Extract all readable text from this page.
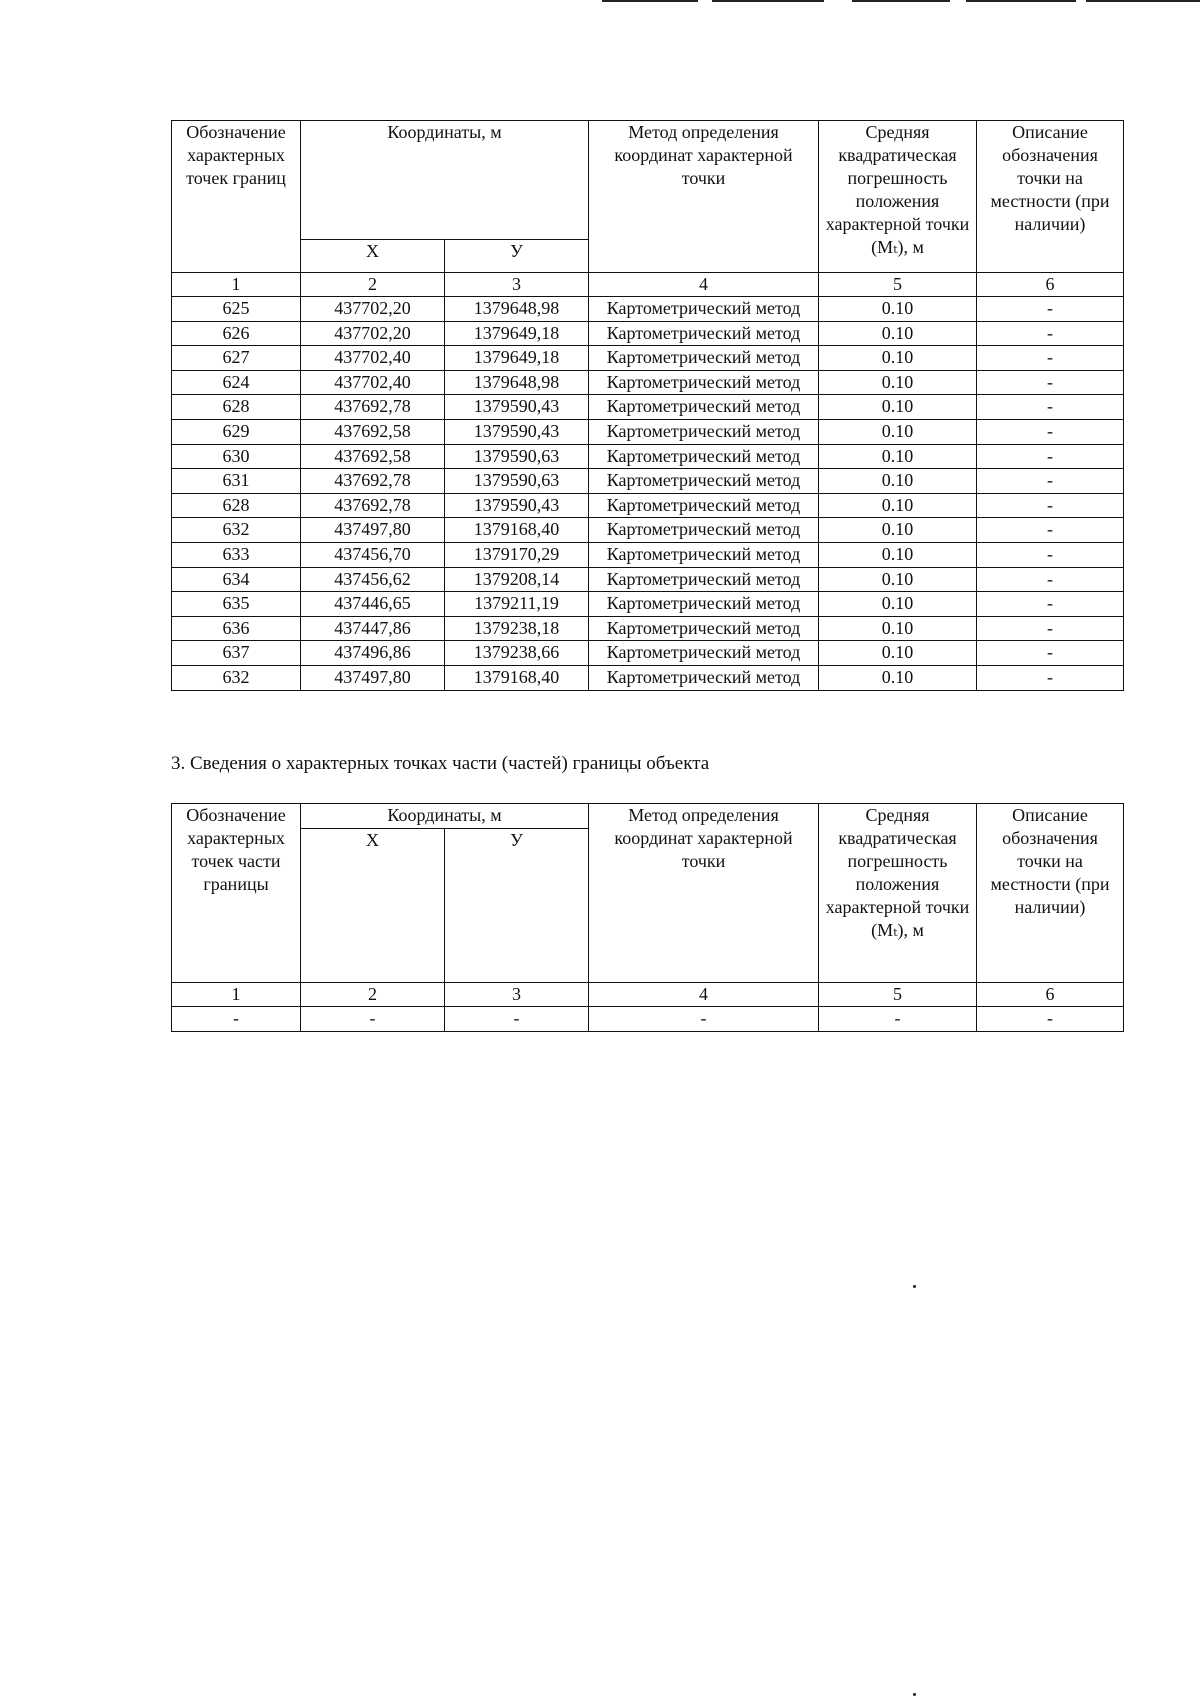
Обозначение характерных точек границ	Координаты, м		Метод определения координат характерной точки	Средняя квадратическая погрешность положения характерной точки (Mₜ), м	Описание обозначения точки на местности (при наличии)
	Х	У			
1	2	3	4	5	6
625	437702,20	1379648,98	Картометрический метод	0.10	-
626	437702,20	1379649,18	Картометрический метод	0.10	-
627	437702,40	1379649,18	Картометрический метод	0.10	-
624	437702,40	1379648,98	Картометрический метод	0.10	-
628	437692,78	1379590,43	Картометрический метод	0.10	-
629	437692,58	1379590,43	Картометрический метод	0.10	-
630	437692,58	1379590,63	Картометрический метод	0.10	-
631	437692,78	1379590,63	Картометрический метод	0.10	-
628	437692,78	1379590,43	Картометрический метод	0.10	-
632	437497,80	1379168,40	Картометрический метод	0.10	-
633	437456,70	1379170,29	Картометрический метод	0.10	-
634	437456,62	1379208,14	Картометрический метод	0.10	-
635	437446,65	1379211,19	Картометрический метод	0.10	-
636	437447,86	1379238,18	Картометрический метод	0.10	-
637	437496,86	1379238,66	Картометрический метод	0.10	-
632	437497,80	1379168,40	Картометрический метод	0.10	-
3. Сведения о характерных точках части (частей) границы объекта
Обозначение характерных точек части границы	Координаты, м		Метод определения координат характерной точки	Средняя квадратическая погрешность положения характерной точки (Mₜ), м	Описание обозначения точки на местности (при наличии)
	Х	У			
1	2	3	4	5	6
-	-	-	-	-	-
